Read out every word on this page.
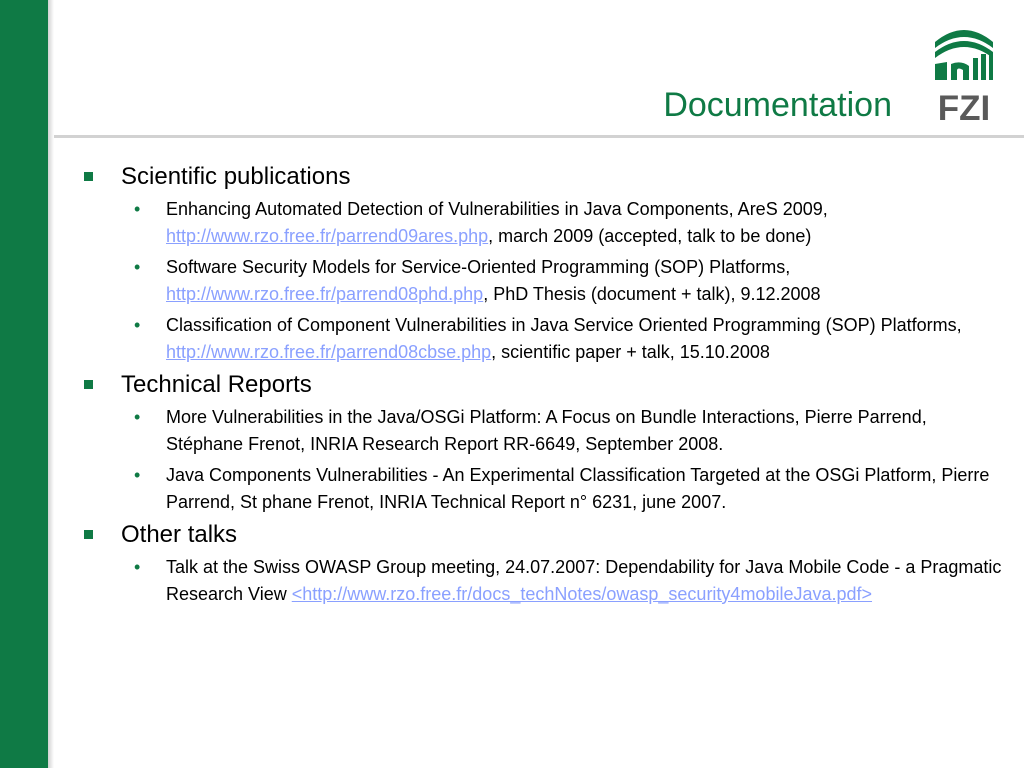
Documentation FZI
Scientific publications
• Enhancing Automated Detection of Vulnerabilities in Java Components, AreS 2009, http://www.rzo.free.fr/parrend09ares.php, march 2009 (accepted, talk to be done)
• Software Security Models for Service-Oriented Programming (SOP) Platforms, http://www.rzo.free.fr/parrend08phd.php, PhD Thesis (document + talk), 9.12.2008
• Classification of Component Vulnerabilities in Java Service Oriented Programming (SOP) Platforms, http://www.rzo.free.fr/parrend08cbse.php, scientific paper + talk, 15.10.2008
Technical Reports
• More Vulnerabilities in the Java/OSGi Platform: A Focus on Bundle Interactions, Pierre Parrend, Stéphane Frenot, INRIA Research Report RR-6649, September 2008.
• Java Components Vulnerabilities - An Experimental Classification Targeted at the OSGi Platform, Pierre Parrend, St phane Frenot, INRIA Technical Report n° 6231, june 2007.
Other talks
• Talk at the Swiss OWASP Group meeting, 24.07.2007: Dependability for Java Mobile Code - a Pragmatic Research View <http://www.rzo.free.fr/docs_techNotes/owasp_security4mobileJava.pdf>
